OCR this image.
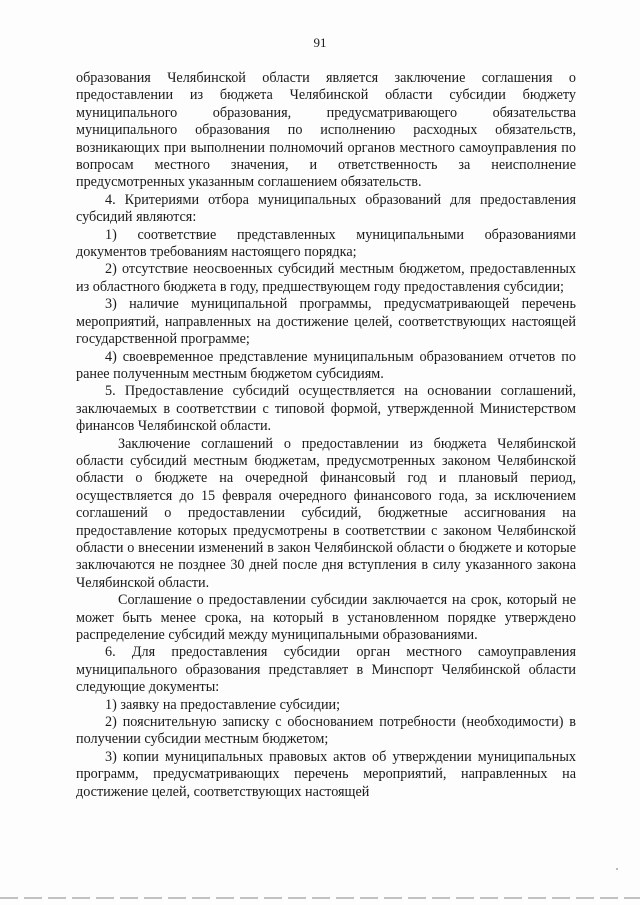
91

образования Челябинской области является заключение соглашения о предоставлении из бюджета Челябинской области субсидии бюджету муниципального образования, предусматривающего обязательства муниципального образования по исполнению расходных обязательств, возникающих при выполнении полномочий органов местного самоуправления по вопросам местного значения, и ответственность за неисполнение предусмотренных указанным соглашением обязательств.

4. Критериями отбора муниципальных образований для предоставления субсидий являются:

1) соответствие представленных муниципальными образованиями документов требованиям настоящего порядка;

2) отсутствие неосвоенных субсидий местным бюджетом, предоставленных из областного бюджета в году, предшествующем году предоставления субсидии;

3) наличие муниципальной программы, предусматривающей перечень мероприятий, направленных на достижение целей, соответствующих настоящей государственной программе;

4) своевременное представление муниципальным образованием отчетов по ранее полученным местным бюджетом субсидиям.

5. Предоставление субсидий осуществляется на основании соглашений, заключаемых в соответствии с типовой формой, утвержденной Министерством финансов Челябинской области.

Заключение соглашений о предоставлении из бюджета Челябинской области субсидий местным бюджетам, предусмотренных законом Челябинской области о бюджете на очередной финансовый год и плановый период, осуществляется до 15 февраля очередного финансового года, за исключением соглашений о предоставлении субсидий, бюджетные ассигнования на предоставление которых предусмотрены в соответствии с законом Челябинской области о внесении изменений в закон Челябинской области о бюджете и которые заключаются не позднее 30 дней после дня вступления в силу указанного закона Челябинской области.

Соглашение о предоставлении субсидии заключается на срок, который не может быть менее срока, на который в установленном порядке утверждено распределение субсидий между муниципальными образованиями.

6. Для предоставления субсидии орган местного самоуправления муниципального образования представляет в Минспорт Челябинской области следующие документы:

1) заявку на предоставление субсидии;

2) пояснительную записку с обоснованием потребности (необходимости) в получении субсидии местным бюджетом;

3) копии муниципальных правовых актов об утверждении муниципальных программ, предусматривающих перечень мероприятий, направленных на достижение целей, соответствующих настоящей
